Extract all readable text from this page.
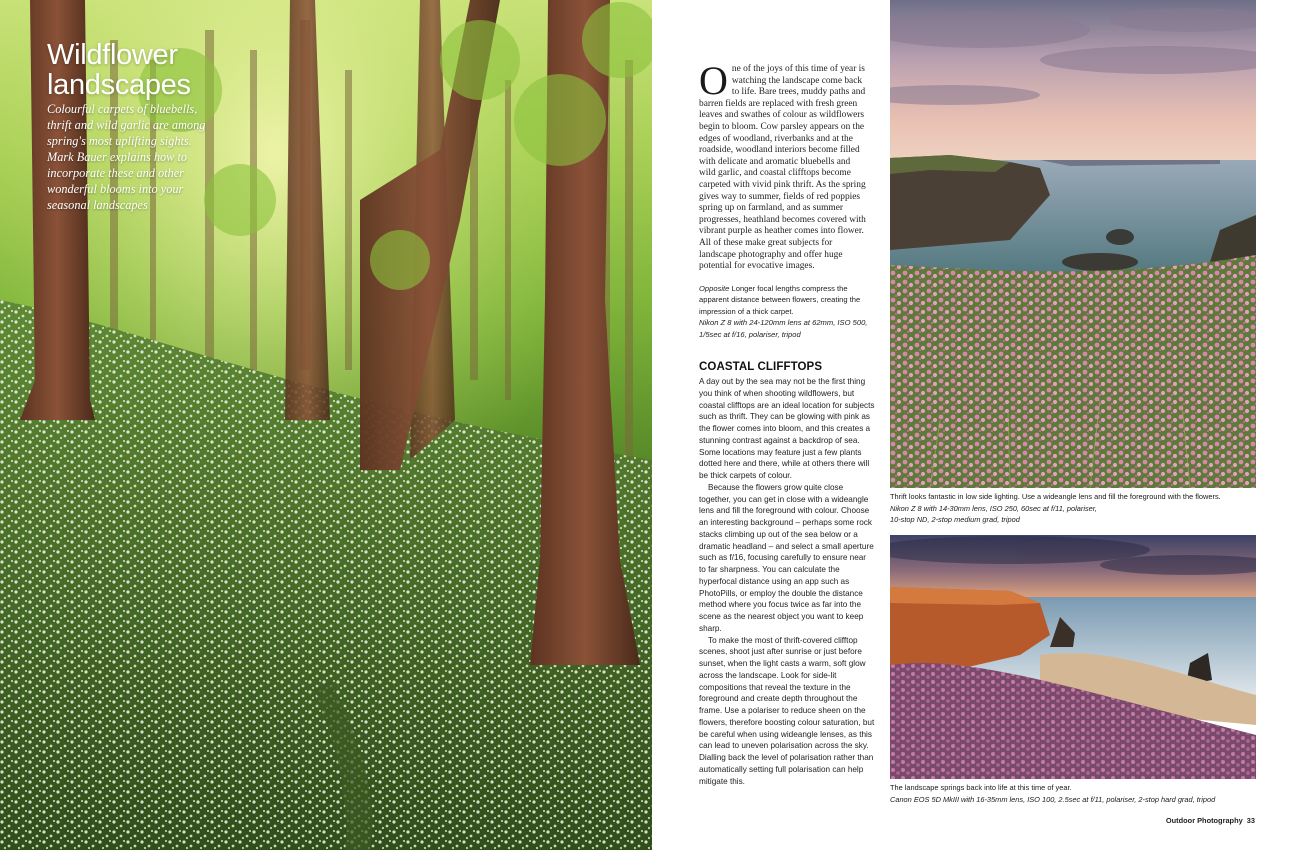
Wildflower landscapes
Colourful carpets of bluebells, thrift and wild garlic are among spring's most uplifting sights. Mark Bauer explains how to incorporate these and other wonderful blooms into your seasonal landscapes
One of the joys of this time of year is watching the landscape come back to life. Bare trees, muddy paths and barren fields are replaced with fresh green leaves and swathes of colour as wildflowers begin to bloom. Cow parsley appears on the edges of woodland, riverbanks and at the roadside, woodland interiors become filled with delicate and aromatic bluebells and wild garlic, and coastal clifftops become carpeted with vivid pink thrift. As the spring gives way to summer, fields of red poppies spring up on farmland, and as summer progresses, heathland becomes covered with vibrant purple as heather comes into flower. All of these make great subjects for landscape photography and offer huge potential for evocative images.
Opposite Longer focal lengths compress the apparent distance between flowers, creating the impression of a thick carpet.
Nikon Z 8 with 24-120mm lens at 62mm, ISO 500, 1/5sec at f/16, polariser, tripod
COASTAL CLIFFTOPS

A day out by the sea may not be the first thing you think of when shooting wildflowers, but coastal clifftops are an ideal location for subjects such as thrift. They can be glowing with pink as the flower comes into bloom, and this creates a stunning contrast against a backdrop of sea. Some locations may feature just a few plants dotted here and there, while at others there will be thick carpets of colour.

Because the flowers grow quite close together, you can get in close with a wideangle lens and fill the foreground with colour. Choose an interesting background – perhaps some rock stacks climbing up out of the sea below or a dramatic headland – and select a small aperture such as f/16, focusing carefully to ensure near to far sharpness. You can calculate the hyperfocal distance using an app such as PhotoPills, or employ the double the distance method where you focus twice as far into the scene as the nearest object you want to keep sharp.

To make the most of thrift-covered clifftop scenes, shoot just after sunrise or just before sunset, when the light casts a warm, soft glow across the landscape. Look for side-lit compositions that reveal the texture in the foreground and create depth throughout the frame. Use a polariser to reduce sheen on the flowers, therefore boosting colour saturation, but be careful when using wideangle lenses, as this can lead to uneven polarisation across the sky. Dialling back the level of polarisation rather than automatically setting full polarisation can help mitigate this.

Thrift looks fantastic in low side lighting. Use a wideangle lens and fill the foreground with the flowers.
Nikon Z 8 with 14-30mm lens, ISO 250, 60sec at f/11, polariser,
10-stop ND, 2-stop medium grad, tripod
The landscape springs back into life at this time of year.
Canon EOS 5D MkIII with 16-35mm lens, ISO 100, 2.5sec at f/11, polariser, 2-stop hard grad, tripod
Outdoor Photography 33
